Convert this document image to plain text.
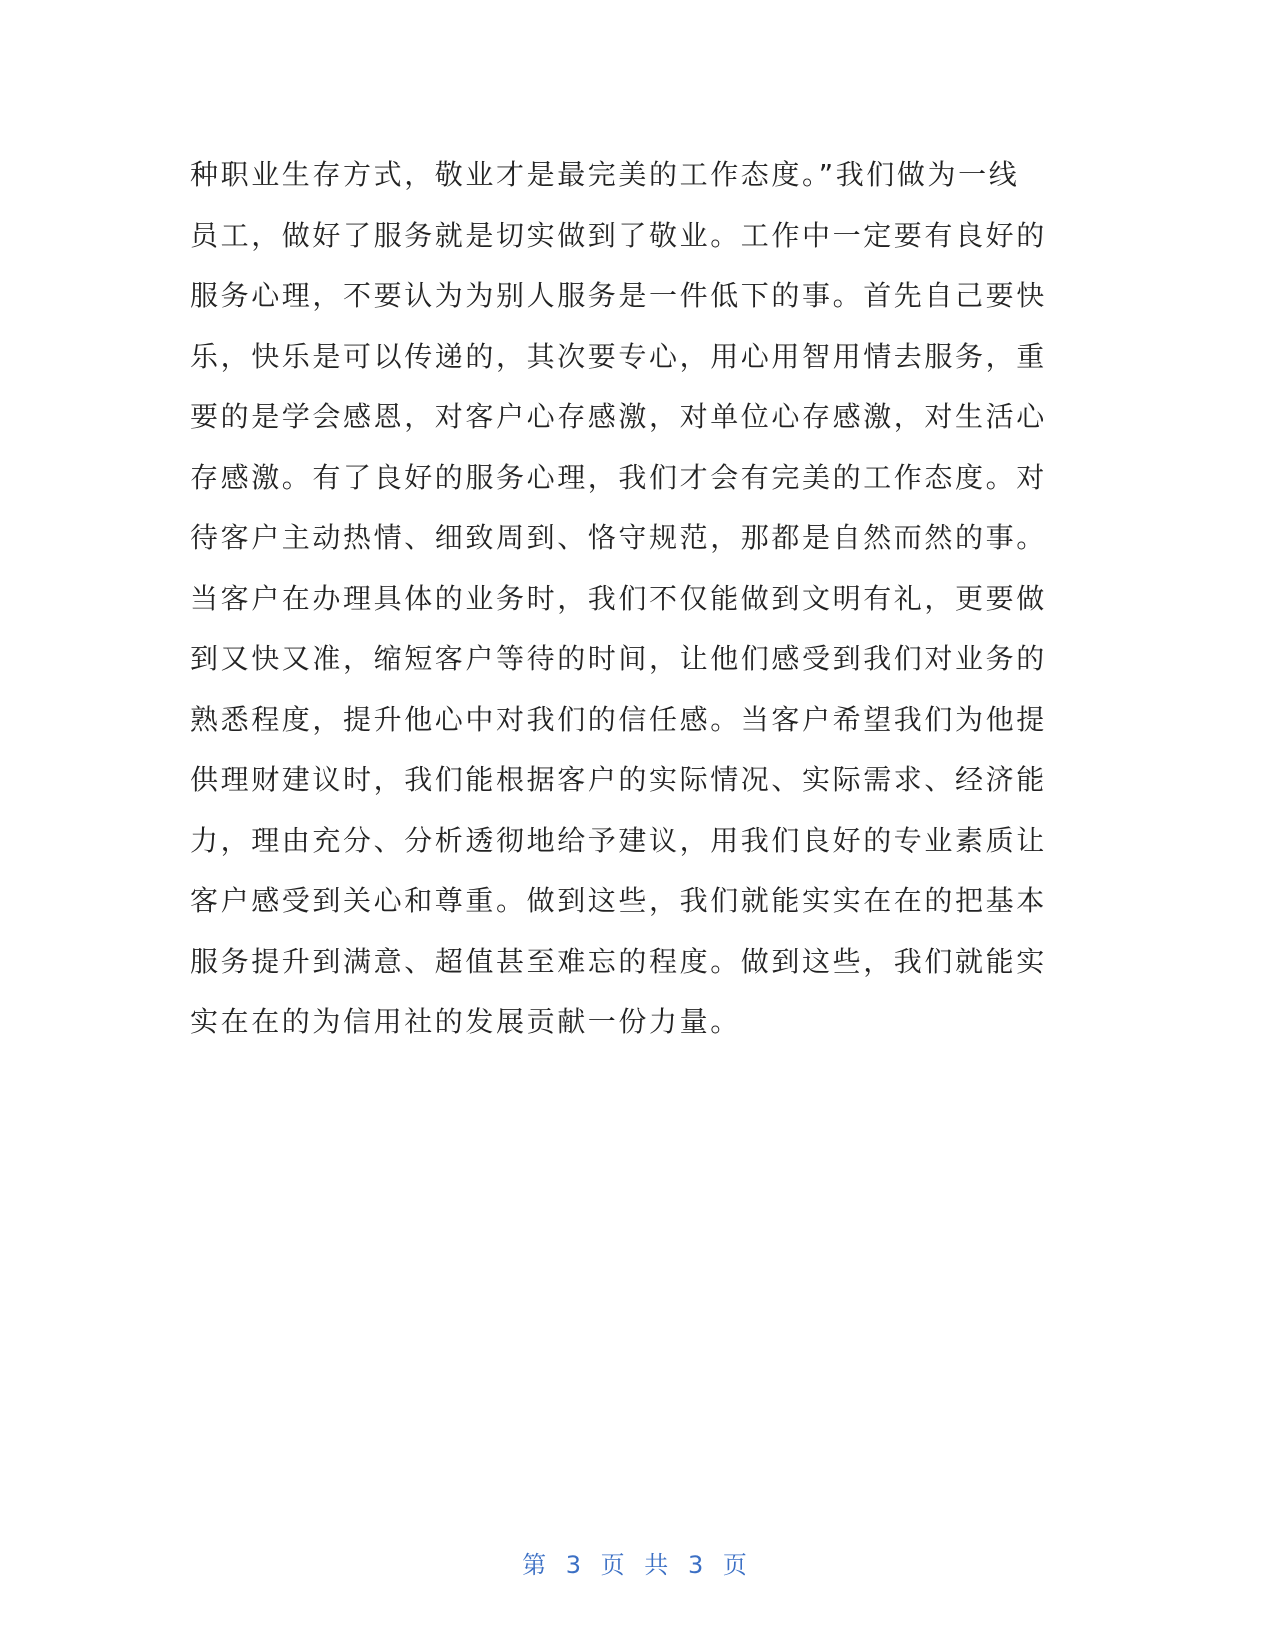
种职业生存方式，敬业才是最完美的工作态度。”我们做为一线
员工，做好了服务就是切实做到了敬业。工作中一定要有良好的
服务心理，不要认为为别人服务是一件低下的事。首先自己要快
乐，快乐是可以传递的，其次要专心，用心用智用情去服务，重
要的是学会感恩，对客户心存感激，对单位心存感激，对生活心
存感激。有了良好的服务心理，我们才会有完美的工作态度。对
待客户主动热情、细致周到、恪守规范，那都是自然而然的事。
当客户在办理具体的业务时，我们不仅能做到文明有礼，更要做
到又快又准，缩短客户等待的时间，让他们感受到我们对业务的
熟悉程度，提升他心中对我们的信任感。当客户希望我们为他提
供理财建议时，我们能根据客户的实际情况、实际需求、经济能
力，理由充分、分析透彻地给予建议，用我们良好的专业素质让
客户感受到关心和尊重。做到这些，我们就能实实在在的把基本
服务提升到满意、超值甚至难忘的程度。做到这些，我们就能实
实在在的为信用社的发展贡献一份力量。
第 3 页 共 3 页
